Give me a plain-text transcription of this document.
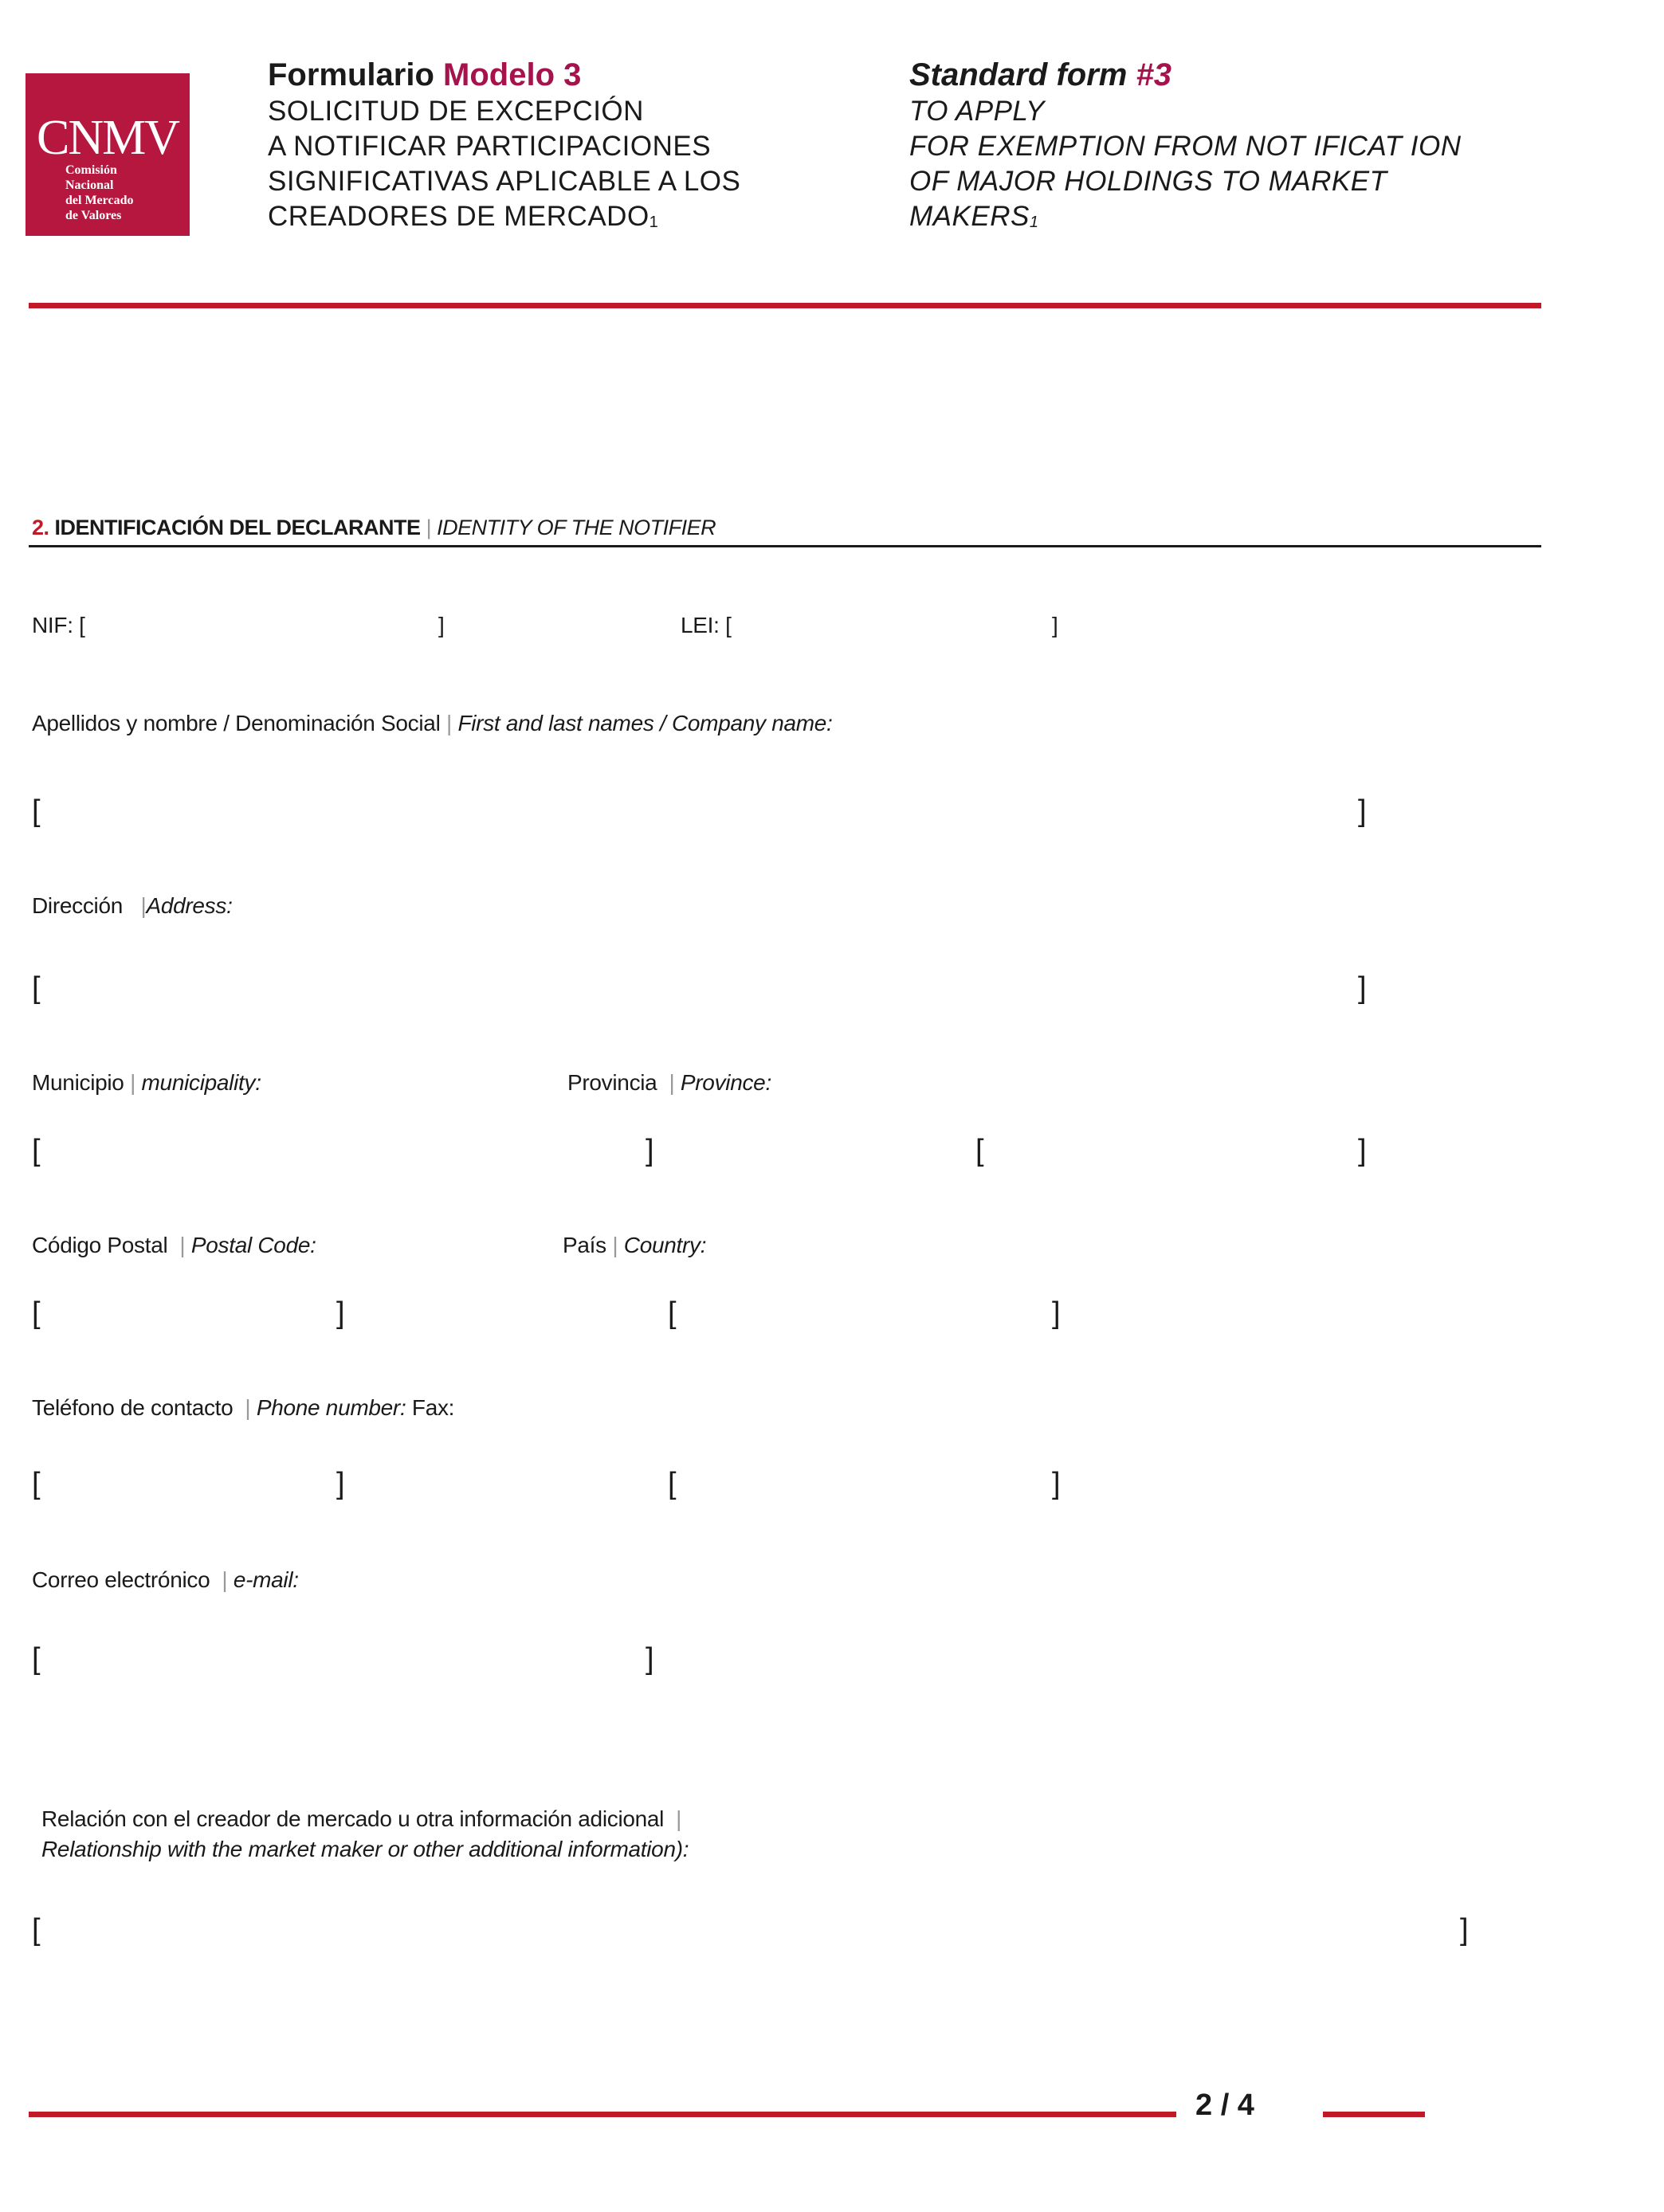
CNMV
Comisión
Nacional
del Mercado
de Valores
Formulario Modelo 3
SOLICITUD DE EXCEPCIÓN
A NOTIFICAR PARTICIPACIONES
SIGNIFICATIVAS APLICABLE A LOS
CREADORES DE $MERCADO_1$
Standard form #3
TO APPLY
FOR EXEMPTION FROM NOT IFICAT ION
OF MAJOR HOLDINGS TO MARKET
$MAKERS_1$
2. IDENTIFICACIÓN DEL DECLARANTE | IDENTITY OF THE NOTIFIER
NIF: [	]	LEI: [	]
Apellidos y nombre / Denominación Social | First and last names / Company name:
[	]
Dirección |Address:
[	]
Municipio | municipality:	Provincia | Province:
[	]	[	]
Código Postal | Postal Code:	País | Country:
[	]	[	]
Teléfono de contacto | Phone number: Fax:
[	]	[	]
Correo electrónico | e-mail:
[	]
Relación con el creador de mercado u otra información adicional |
Relationship with the market maker or other additional information):
[	]
2 / 4
